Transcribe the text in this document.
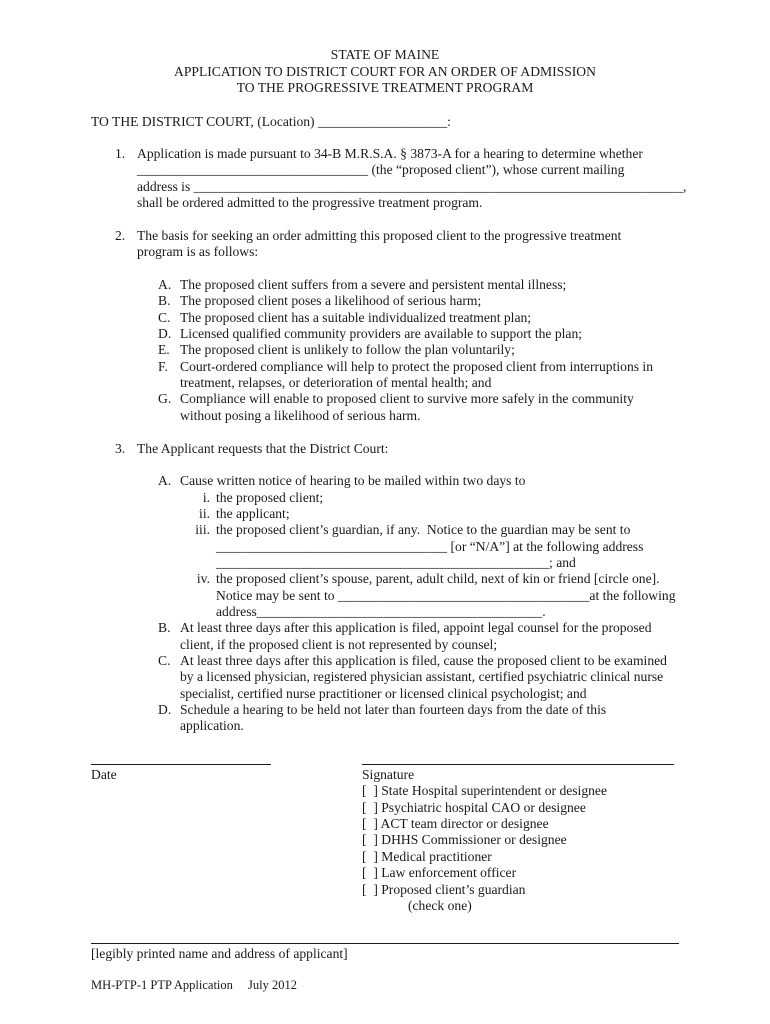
STATE OF MAINE
APPLICATION TO DISTRICT COURT FOR AN ORDER OF ADMISSION
TO THE PROGRESSIVE TREATMENT PROGRAM
TO THE DISTRICT COURT, (Location) ___________________:
1. Application is made pursuant to 34-B M.R.S.A. § 3873-A for a hearing to determine whether
__________________________________ (the “proposed client”), whose current mailing
address is ________________________________________________________________________,
shall be ordered admitted to the progressive treatment program.
2. The basis for seeking an order admitting this proposed client to the progressive treatment
program is as follows:
A. The proposed client suffers from a severe and persistent mental illness;
B. The proposed client poses a likelihood of serious harm;
C. The proposed client has a suitable individualized treatment plan;
D. Licensed qualified community providers are available to support the plan;
E. The proposed client is unlikely to follow the plan voluntarily;
F. Court-ordered compliance will help to protect the proposed client from interruptions in
treatment, relapses, or deterioration of mental health; and
G. Compliance will enable to proposed client to survive more safely in the community
without posing a likelihood of serious harm.
3. The Applicant requests that the District Court:
A. Cause written notice of hearing to be mailed within two days to
i. the proposed client;
ii. the applicant;
iii. the proposed client’s guardian, if any.  Notice to the guardian may be sent to
__________________________________ [or “N/A”] at the following address
_________________________________________________; and
iv. the proposed client’s spouse, parent, adult child, next of kin or friend [circle one].
Notice may be sent to _____________________________________at the following
address__________________________________________.
B. At least three days after this application is filed, appoint legal counsel for the proposed
client, if the proposed client is not represented by counsel;
C. At least three days after this application is filed, cause the proposed client to be examined
by a licensed physician, registered physician assistant, certified psychiatric clinical nurse
specialist, certified nurse practitioner or licensed clinical psychologist; and
D. Schedule a hearing to be held not later than fourteen days from the date of this
application.
Date	Signature
[  ] State Hospital superintendent or designee
[  ] Psychiatric hospital CAO or designee
[  ] ACT team director or designee
[  ] DHHS Commissioner or designee
[  ] Medical practitioner
[  ] Law enforcement officer
[  ] Proposed client’s guardian
(check one)
[legibly printed name and address of applicant]
MH-PTP-1 PTP Application July 2012
